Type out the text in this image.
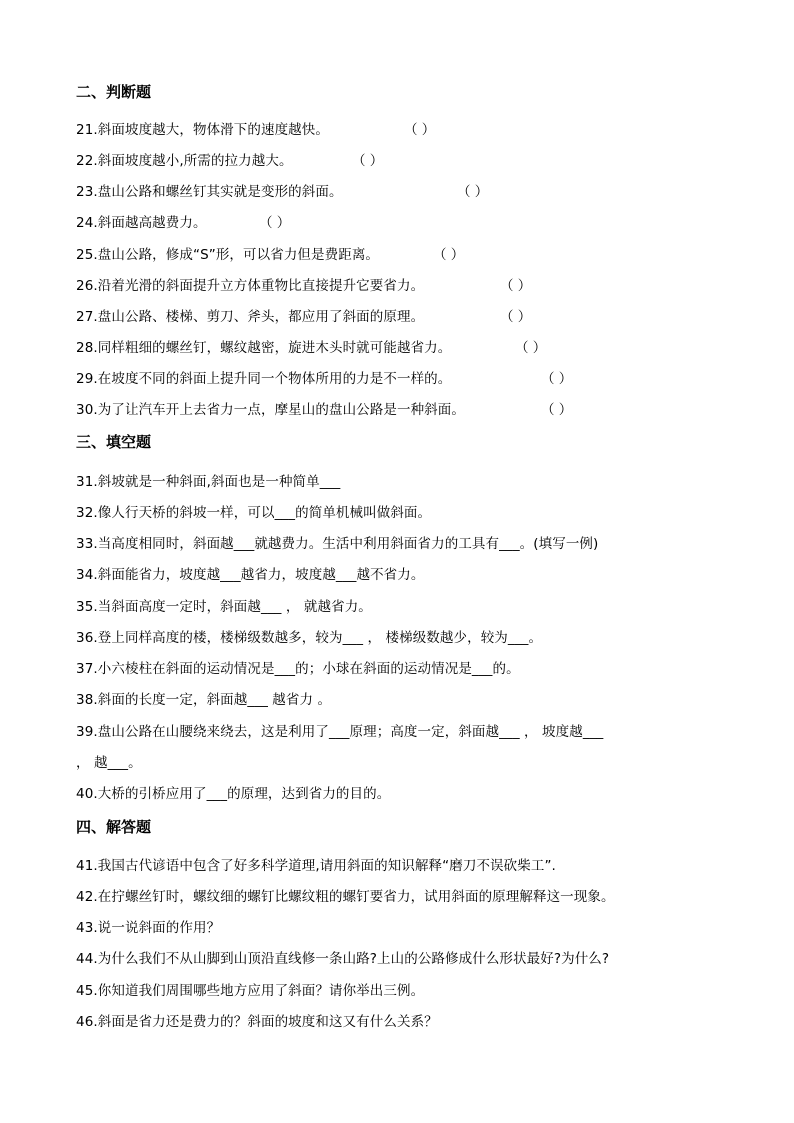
二、判断题
21.斜面坡度越大，物体滑下的速度越快。	（ ）
22.斜面坡度越小,所需的拉力越大。	（ ）
23.盘山公路和螺丝钉其实就是变形的斜面。	（ ）
24.斜面越高越费力。	（ ）
25.盘山公路，修成“S”形，可以省力但是费距离。	（ ）
26.沿着光滑的斜面提升立方体重物比直接提升它要省力。	（ ）
27.盘山公路、楼梯、剪刀、斧头，都应用了斜面的原理。	（ ）
28.同样粗细的螺丝钉，螺纹越密，旋进木头时就可能越省力。	（ ）
29.在坡度不同的斜面上提升同一个物体所用的力是不一样的。	（ ）
30.为了让汽车开上去省力一点，摩星山的盘山公路是一种斜面。	（ ）
三、填空题
31.斜坡就是一种斜面,斜面也是一种简单___
32.像人行天桥的斜坡一样，可以___的简单机械叫做斜面。
33.当高度相同时，斜面越___就越费力。生活中利用斜面省力的工具有___。(填写一例)
34.斜面能省力，坡度越___越省力，坡度越___越不省力。
35.当斜面高度一定时，斜面越___ ， 就越省力。
36.登上同样高度的楼，楼梯级数越多，较为___ ， 楼梯级数越少，较为___。
37.小六棱柱在斜面的运动情况是___的；小球在斜面的运动情况是___的。
38.斜面的长度一定，斜面越___ 越省力 。
39.盘山公路在山腰绕来绕去，这是利用了___原理；高度一定，斜面越___ ， 坡度越___
， 越___。
40.大桥的引桥应用了___的原理，达到省力的目的。
四、解答题
41.我国古代谚语中包含了好多科学道理,请用斜面的知识解释“磨刀不误砍柴工”.
42.在拧螺丝钉时，螺纹细的螺钉比螺纹粗的螺钉要省力，试用斜面的原理解释这一现象。
43.说一说斜面的作用？
44.为什么我们不从山脚到山顶沿直线修一条山路?上山的公路修成什么形状最好?为什么?
45.你知道我们周围哪些地方应用了斜面？请你举出三例。
46.斜面是省力还是费力的？斜面的坡度和这又有什么关系？
